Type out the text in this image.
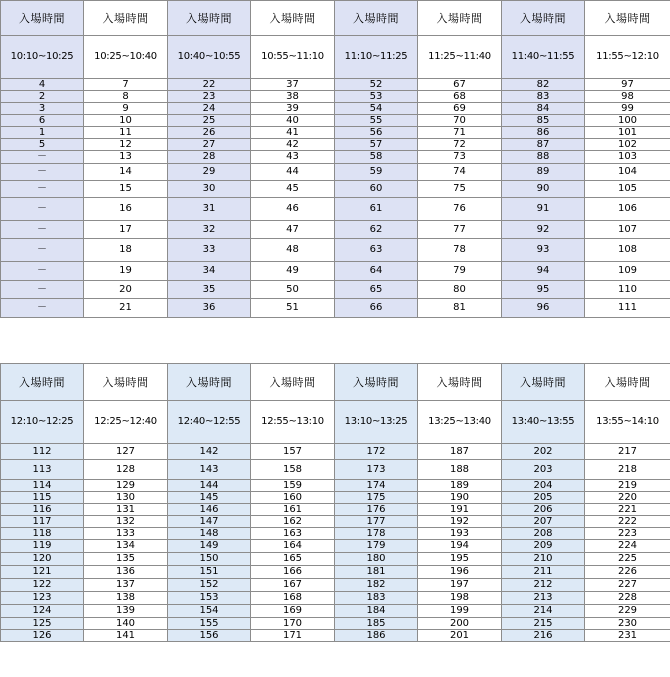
入場時間	入場時間	入場時間	入場時間	入場時間	入場時間	入場時間	入場時間
10:10~10:25	10:25~10:40	10:40~10:55	10:55~11:10	11:10~11:25	11:25~11:40	11:40~11:55	11:55~12:10
4	7	22	37	52	67	82	97
2	8	23	38	53	68	83	98
3	9	24	39	54	69	84	99
6	10	25	40	55	70	85	100
1	11	26	41	56	71	86	101
5	12	27	42	57	72	87	102
－	13	28	43	58	73	88	103
－	14	29	44	59	74	89	104
－	15	30	45	60	75	90	105
－	16	31	46	61	76	91	106
－	17	32	47	62	77	92	107
－	18	33	48	63	78	93	108
－	19	34	49	64	79	94	109
－	20	35	50	65	80	95	110
－	21	36	51	66	81	96	111
入場時間	入場時間	入場時間	入場時間	入場時間	入場時間	入場時間	入場時間
12:10~12:25	12:25~12:40	12:40~12:55	12:55~13:10	13:10~13:25	13:25~13:40	13:40~13:55	13:55~14:10
112	127	142	157	172	187	202	217
113	128	143	158	173	188	203	218
114	129	144	159	174	189	204	219
115	130	145	160	175	190	205	220
116	131	146	161	176	191	206	221
117	132	147	162	177	192	207	222
118	133	148	163	178	193	208	223
119	134	149	164	179	194	209	224
120	135	150	165	180	195	210	225
121	136	151	166	181	196	211	226
122	137	152	167	182	197	212	227
123	138	153	168	183	198	213	228
124	139	154	169	184	199	214	229
125	140	155	170	185	200	215	230
126	141	156	171	186	201	216	231
